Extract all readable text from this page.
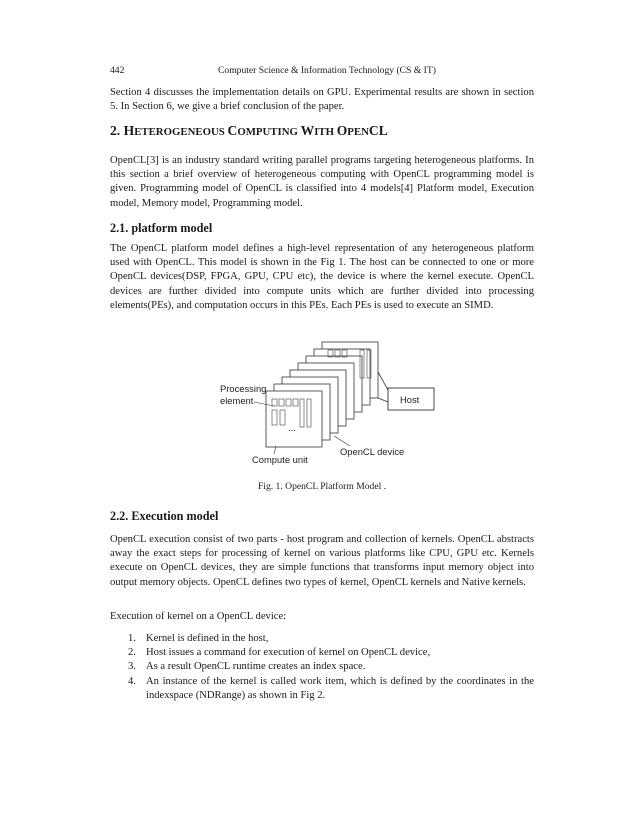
442	Computer Science & Information Technology (CS & IT)

Section 4 discusses the implementation details on GPU. Experimental results are shown in section 5. In Section 6, we give a brief conclusion of the paper.

2. HETEROGENEOUS COMPUTING WITH OPENCL

OpenCL[3] is an industry standard writing parallel programs targeting heterogeneous platforms. In this section a brief overview of heterogeneous computing with OpenCL programming model is given. Programming model of OpenCL is classified into 4 models[4] Platform model, Execution model, Memory model, Programming model.

2.1. platform model

The OpenCL platform model defines a high-level representation of any heterogeneous platform used with OpenCL. This model is shown in the Fig 1. The host can be connected to one or more OpenCL devices(DSP, FPGA, GPU, CPU etc), the device is where the kernel execute. OpenCL devices are further divided into compute units which are further divided into processing elements(PEs), and computation occurs in this PEs. Each PEs is used to execute an SIMD.

...
Host
Processing
element
Compute unit
OpenCL device
Fig. 1. OpenCL Platform Model .
2.2. Execution model

OpenCL execution consist of two parts - host program and collection of kernels. OpenCL abstracts away the exact steps for processing of kernel on various platforms like CPU, GPU etc. Kernels execute on OpenCL devices, they are simple functions that transforms input memory object into output memory objects. OpenCL defines two types of kernel, OpenCL kernels and Native kernels.

Execution of kernel on a OpenCL device:

1. Kernel is defined in the host,
2. Host issues a command for execution of kernel on OpenCL device,
3. As a result OpenCL runtime creates an index space.
4. An instance of the kernel is called work item, which is defined by the coordinates in the indexspace (NDRange) as shown in Fig 2.
